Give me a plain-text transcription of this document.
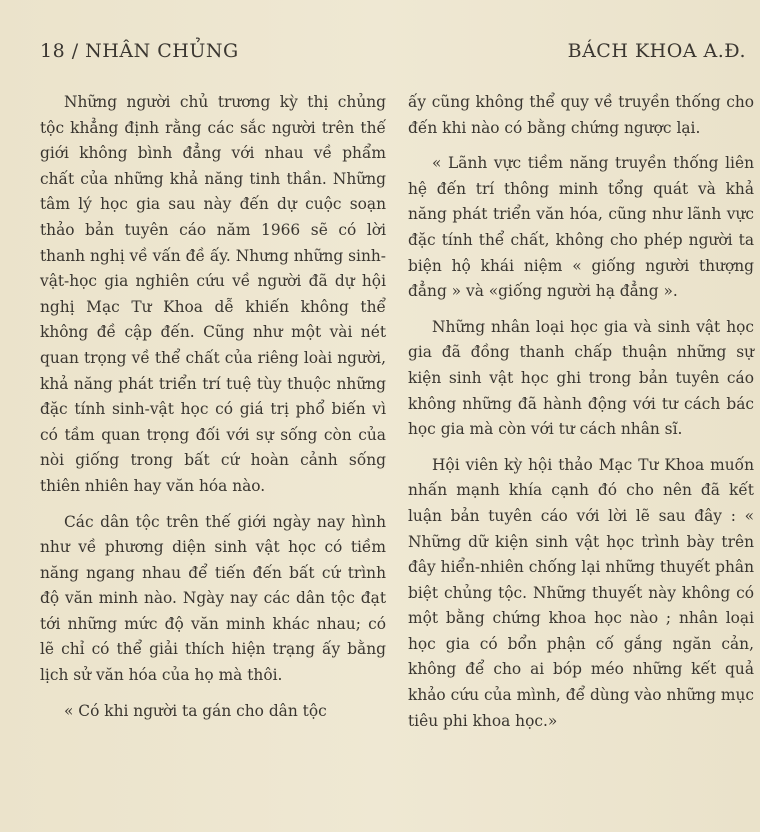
18 / NHÂN CHỦNG	BÁCH KHOA A.Đ.

Những người chủ trương kỳ thị chủng tộc khẳng định rằng các sắc người trên thế giới không bình đẳng với nhau về phẩm chất của những khả năng tinh thần. Những tâm lý học gia sau này đến dự cuộc soạn thảo bản tuyên cáo năm 1966 sẽ có lời thanh nghị về vấn đề ấy. Nhưng những sinh-vật-học gia nghiên cứu về người đã dự hội nghị Mạc Tư Khoa dễ khiến không thể không đề cập đến. Cũng như một vài nét quan trọng về thể chất của riêng loài người, khả năng phát triển trí tuệ tùy thuộc những đặc tính sinh-vật học có giá trị phổ biến vì có tầm quan trọng đối với sự sống còn của nòi giống trong bất cứ hoàn cảnh sống thiên nhiên hay văn hóa nào.

Các dân tộc trên thế giới ngày nay hình như về phương diện sinh vật học có tiềm năng ngang nhau để tiến đến bất cứ trình độ văn minh nào. Ngày nay các dân tộc đạt tới những mức độ văn minh khác nhau; có lẽ chỉ có thể giải thích hiện trạng ấy bằng lịch sử văn hóa của họ mà thôi.

« Có khi người ta gán cho dân tộc

ấy cũng không thể quy về truyền thống cho đến khi nào có bằng chứng ngược lại.

« Lãnh vực tiềm năng truyền thống liên hệ đến trí thông minh tổng quát và khả năng phát triển văn hóa, cũng như lãnh vực đặc tính thể chất, không cho phép người ta biện hộ khái niệm « giống người thượng đẳng » và «giống người hạ đẳng ».

Những nhân loại học gia và sinh vật học gia đã đồng thanh chấp thuận những sự kiện sinh vật học ghi trong bản tuyên cáo không những đã hành động với tư cách bác học gia mà còn với tư cách nhân sĩ.

Hội viên kỳ hội thảo Mạc Tư Khoa muốn nhấn mạnh khía cạnh đó cho nên đã kết luận bản tuyên cáo với lời lẽ sau đây : « Những dữ kiện sinh vật học trình bày trên đây hiển-nhiên chống lại những thuyết phân biệt chủng tộc. Những thuyết này không có một bằng chứng khoa học nào ; nhân loại học gia có bổn phận cố gắng ngăn cản, không để cho ai bóp méo những kết quả khảo cứu của mình, để dùng vào những mục tiêu phi khoa học.»
